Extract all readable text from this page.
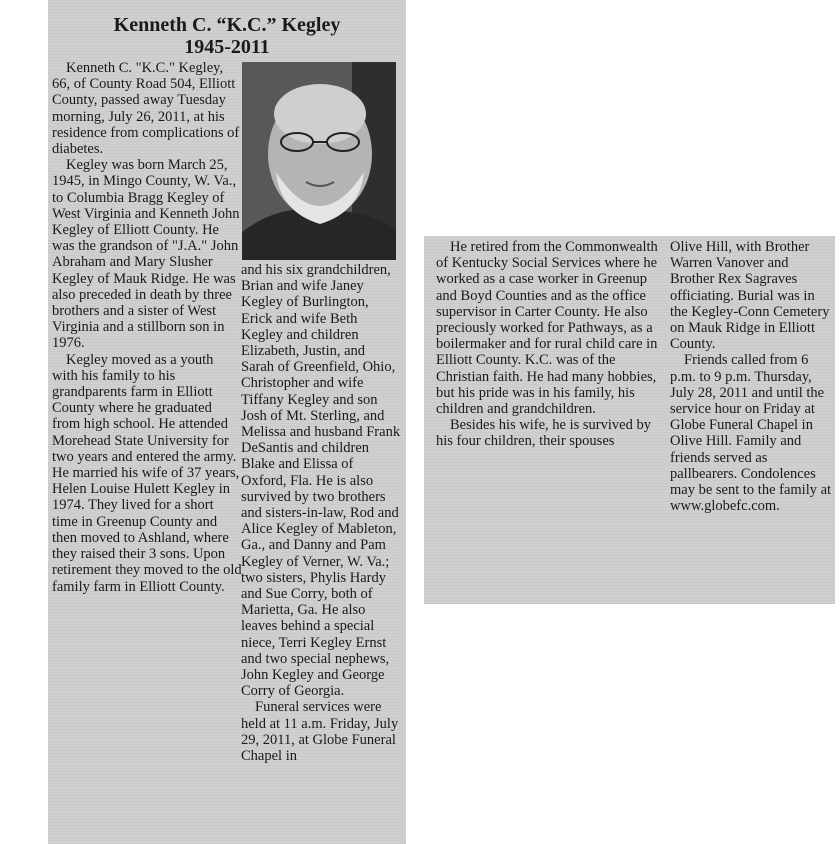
Kenneth C. “K.C.” Kegley
1945-2011

Kenneth C. "K.C." Kegley, 66, of County Road 504, Elliott County, passed away Tuesday morning, July 26, 2011, at his residence from complications of diabetes.

Kegley was born March 25, 1945, in Mingo County, W. Va., to Columbia Bragg Kegley of West Virginia and Kenneth John Kegley of Elliott County. He was the grandson of "J.A." John Abraham and Mary Slusher Kegley of Mauk Ridge. He was also preceded in death by three brothers and a sister of West Virginia and a stillborn son in 1976.

Kegley moved as a youth with his family to his grandparents farm in Elliott County where he graduated from high school. He attended Morehead State University for two years and entered the army. He married his wife of 37 years, Helen Louise Hulett Kegley in 1974. They lived for a short time in Greenup County and then moved to Ashland, where they raised their 3 sons. Upon retirement they moved to the old family farm in Elliott County.

and his six grandchildren, Brian and wife Janey Kegley of Burlington, Erick and wife Beth Kegley and children Elizabeth, Justin, and Sarah of Greenfield, Ohio, Christopher and wife Tiffany Kegley and son Josh of Mt. Sterling, and Melissa and husband Frank DeSantis and children Blake and Elissa of Oxford, Fla. He is also survived by two brothers and sisters-in-law, Rod and Alice Kegley of Mableton, Ga., and Danny and Pam Kegley of Verner, W. Va.; two sisters, Phylis Hardy and Sue Corry, both of Marietta, Ga. He also leaves behind a special niece, Terri Kegley Ernst and two special nephews, John Kegley and George Corry of Georgia.

Funeral services were held at 11 a.m. Friday, July 29, 2011, at Globe Funeral Chapel in

He retired from the Commonwealth of Kentucky Social Services where he worked as a case worker in Greenup and Boyd Counties and as the office supervisor in Carter County. He also preciously worked for Pathways, as a boilermaker and for rural child care in Elliott County. K.C. was of the Christian faith. He had many hobbies, but his pride was in his family, his children and grandchildren.

Besides his wife, he is survived by his four children, their spouses

Olive Hill, with Brother Warren Vanover and Brother Rex Sagraves officiating. Burial was in the Kegley-Conn Cemetery on Mauk Ridge in Elliott County.

Friends called from 6 p.m. to 9 p.m. Thursday, July 28, 2011 and until the service hour on Friday at Globe Funeral Chapel in Olive Hill. Family and friends served as pallbearers. Condolences may be sent to the family at www.globefc.com.
